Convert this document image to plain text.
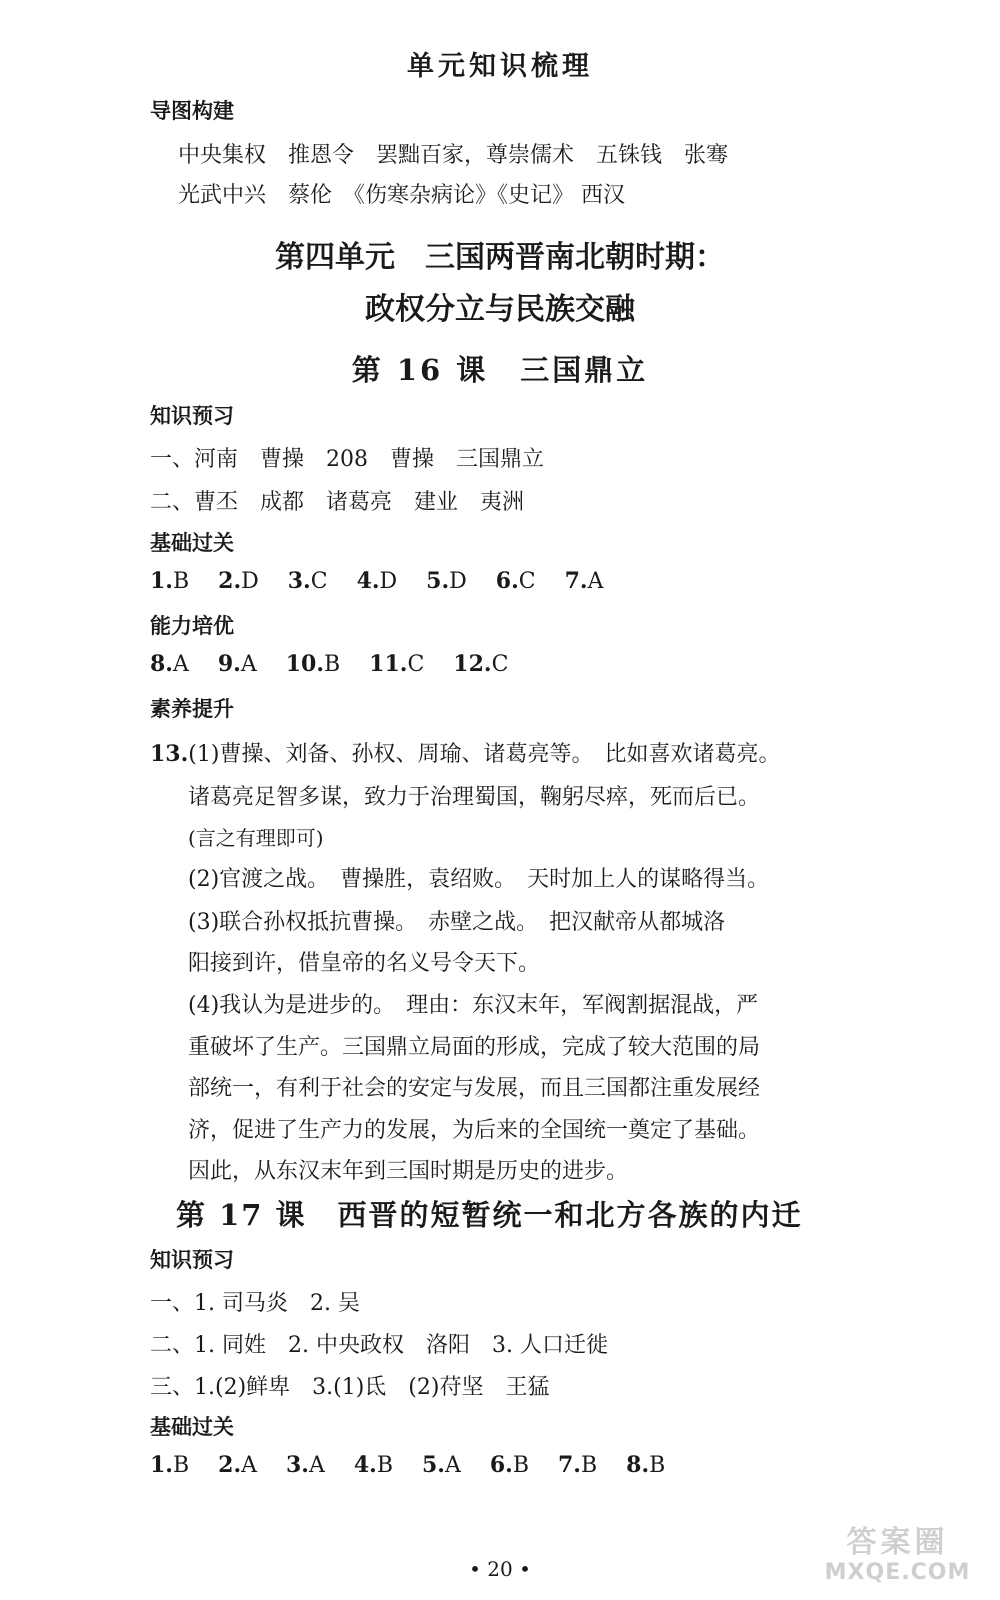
单元知识梳理
导图构建
中央集权　推恩令　罢黜百家，尊崇儒术　五铢钱　张骞
光武中兴　蔡伦　《伤寒杂病论》《史记》 西汉
第四单元　三国两晋南北朝时期：
政权分立与民族交融
第 16 课　三国鼎立
知识预习
一、河南　曹操　208　曹操　三国鼎立
二、曹丕　成都　诸葛亮　建业　夷洲
基础过关
1.B 2.D 3.C 4.D 5.D 6.C 7.A
能力培优
8.A 9.A 10.B 11.C 12.C
素养提升
13.(1)曹操、刘备、孙权、周瑜、诸葛亮等。　比如喜欢诸葛亮。
诸葛亮足智多谋，致力于治理蜀国，鞠躬尽瘁，死而后已。
(言之有理即可)
(2)官渡之战。　曹操胜，袁绍败。　天时加上人的谋略得当。
(3)联合孙权抵抗曹操。　赤壁之战。　把汉献帝从都城洛
阳接到许，借皇帝的名义号令天下。
(4)我认为是进步的。　理由：东汉末年，军阀割据混战，严
重破坏了生产。三国鼎立局面的形成，完成了较大范围的局
部统一，有利于社会的安定与发展，而且三国都注重发展经
济，促进了生产力的发展，为后来的全国统一奠定了基础。
因此，从东汉末年到三国时期是历史的进步。
第 17 课　西晋的短暂统一和北方各族的内迁
知识预习
一、1. 司马炎　2. 吴
二、1. 同姓　2. 中央政权　洛阳　3. 人口迁徙
三、1.(2)鲜卑　3.(1)氐　(2)苻坚　王猛
基础过关
1.B 2.A 3.A 4.B 5.A 6.B 7.B 8.B
• 20 •
答案圈
MXQE.COM
